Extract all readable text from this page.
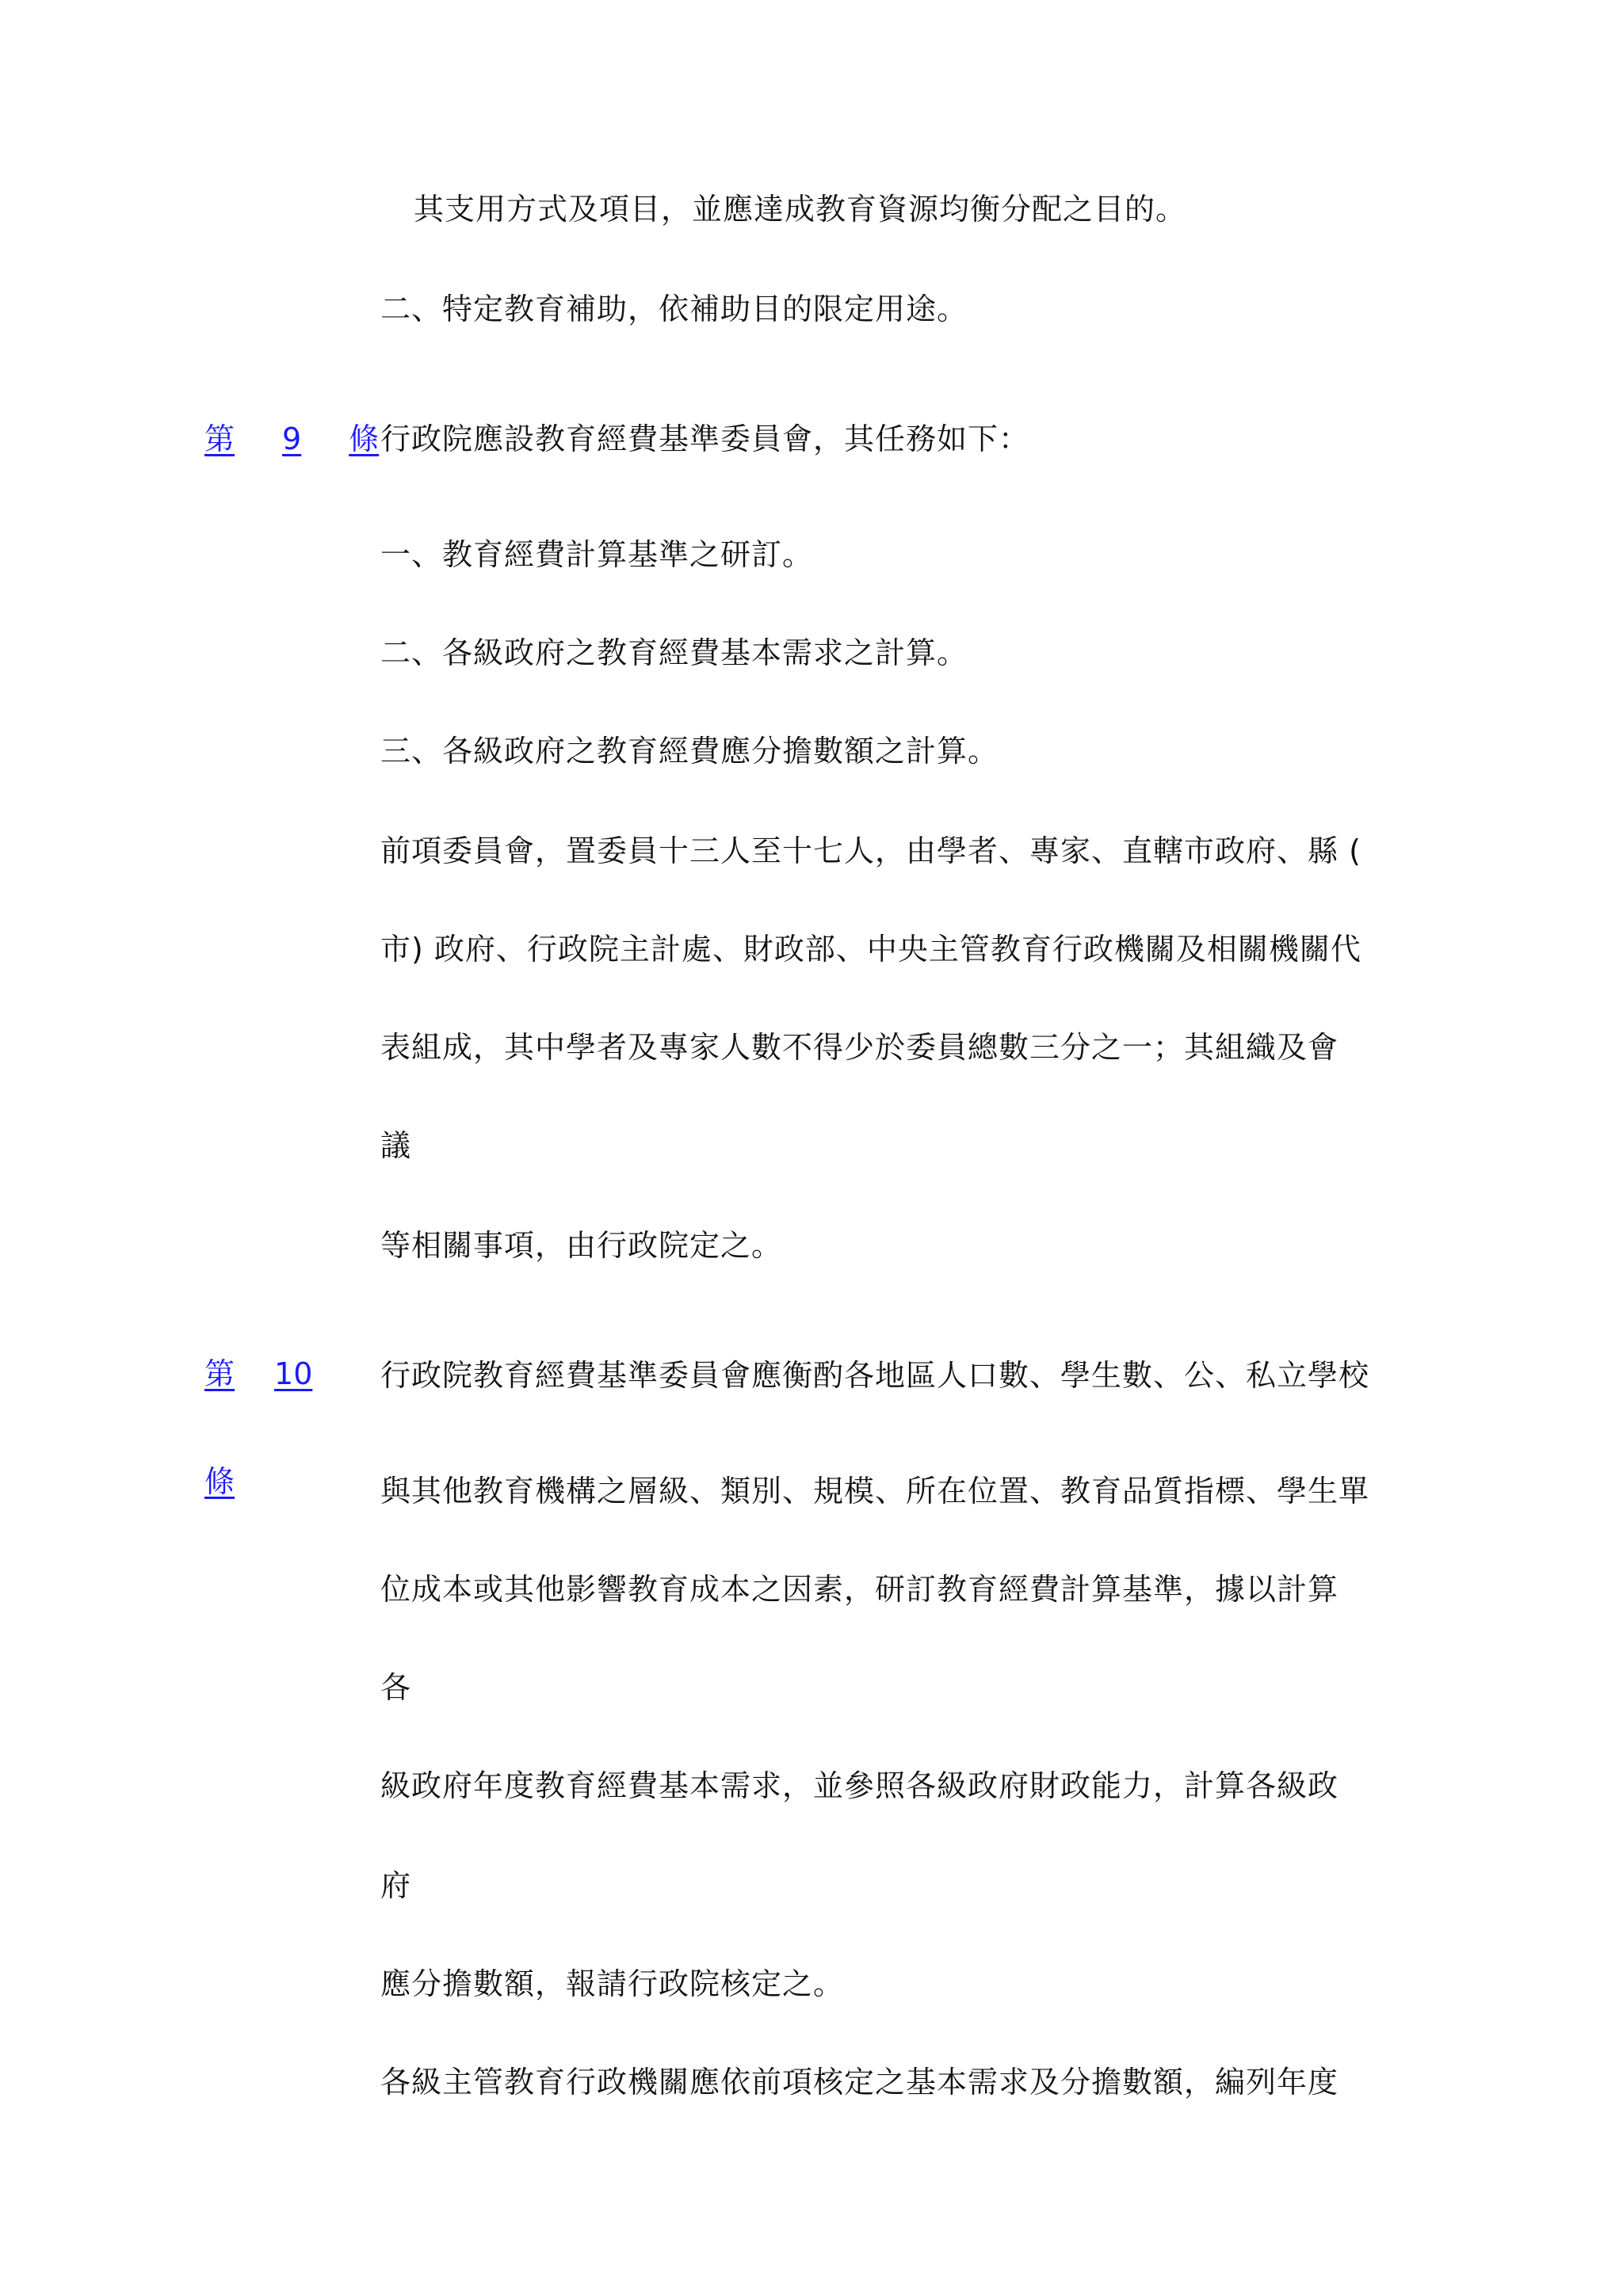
其支用方式及項目，並應達成教育資源均衡分配之目的。
二、特定教育補助，依補助目的限定用途。
第 9 條 行政院應設教育經費基準委員會，其任務如下：
一、教育經費計算基準之研訂。
二、各級政府之教育經費基本需求之計算。
三、各級政府之教育經費應分擔數額之計算。
前項委員會，置委員十三人至十七人，由學者、專家、直轄市政府、縣 (
市) 政府、行政院主計處、財政部、中央主管教育行政機關及相關機關代
表組成，其中學者及專家人數不得少於委員總數三分之一；其組織及會
議
等相關事項，由行政院定之。
第 10
條
行政院教育經費基準委員會應衡酌各地區人口數、學生數、公、私立學校
與其他教育機構之層級、類別、規模、所在位置、教育品質指標、學生單
位成本或其他影響教育成本之因素，研訂教育經費計算基準，據以計算
各
級政府年度教育經費基本需求，並參照各級政府財政能力，計算各級政
府
應分擔數額，報請行政院核定之。
各級主管教育行政機關應依前項核定之基本需求及分擔數額，編列年度
